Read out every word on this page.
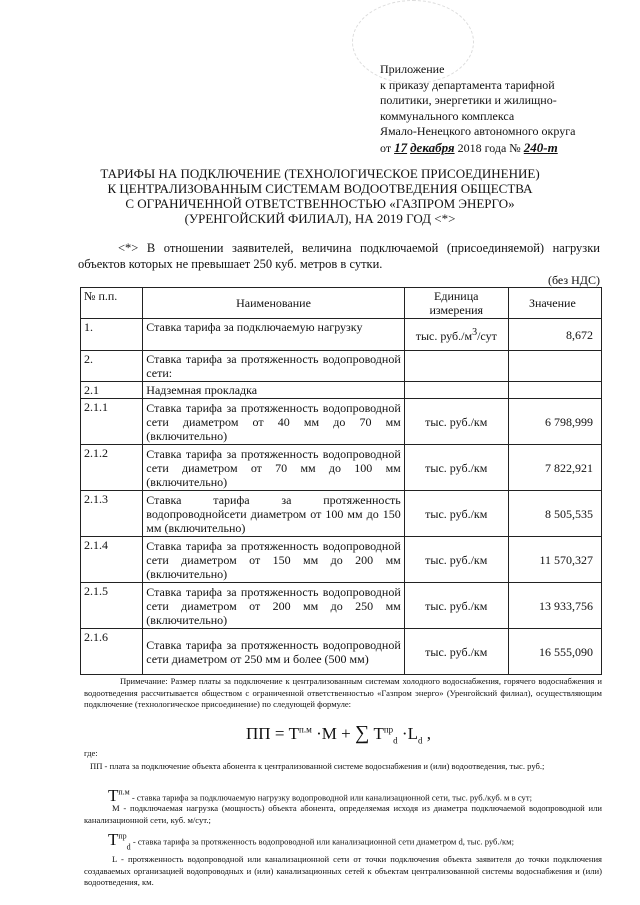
Приложение
к приказу департамента тарифной
политики, энергетики и жилищно-
коммунального комплекса
Ямало-Ненецкого автономного округа
от 17 декабря 2018 года № 240-т
ТАРИФЫ НА ПОДКЛЮЧЕНИЕ (ТЕХНОЛОГИЧЕСКОЕ ПРИСОЕДИНЕНИЕ)
К ЦЕНТРАЛИЗОВАННЫМ СИСТЕМАМ ВОДООТВЕДЕНИЯ ОБЩЕСТВА
С ОГРАНИЧЕННОЙ ОТВЕТСТВЕННОСТЬЮ «ГАЗПРОМ ЭНЕРГО»
(УРЕНГОЙСКИЙ ФИЛИАЛ), НА 2019 ГОД <*>
<*> В отношении заявителей, величина подключаемой (присоединяемой) нагрузки объектов которых не превышает 250 куб. метров в сутки.
(без НДС)
№ п.п.	Наименование	Единица измерения	Значение
1.	Ставка тарифа за подключаемую нагрузку	тыс. $руб./м^3$/сут	8,672
2.	Ставка тарифа за протяженность водопроводной сети:		
2.1	Надземная прокладка		
2.1.1	Ставка тарифа за протяженность водопроводной сети диаметром от 40 мм до 70 мм (включительно)	тыс. руб./км	6 798,999
2.1.2	Ставка тарифа за протяженность водопроводной сети диаметром от 70 мм до 100 мм (включительно)	тыс. руб./км	7 822,921
2.1.3	Ставка тарифа за протяженность водопроводнойсети диаметром от 100 мм до 150 мм (включительно)	тыс. руб./км	8 505,535
2.1.4	Ставка тарифа за протяженность водопроводной сети диаметром от 150 мм до 200 мм (включительно)	тыс. руб./км	11 570,327
2.1.5	Ставка тарифа за протяженность водопроводной сети диаметром от 200 мм до 250 мм (включительно)	тыс. руб./км	13 933,756
2.1.6	Ставка тарифа за протяженность водопроводной сети диаметром от 250 мм и более (500 мм)	тыс. руб./км	16 555,090
Примечание: Размер платы за подключение к централизованным системам холодного водоснабжения, горячего водоснабжения и водоотведения рассчитывается обществом с ограниченной ответственностью «Газпром энерго» (Уренгойский филиал), осуществляющим подключение (технологическое присоединение) по следующей формуле:
ПП = $Т^{п.м} \cdot М$ + ∑ $Т^{пр}_d \cdot L_d$ ,
где:
ПП - плата за подключение объекта абонента к централизованной системе водоснабжения и (или) водоотведения, тыс. руб.;
$Т^{п.м}$ - ставка тарифа за подключаемую нагрузку водопроводной или канализационной сети, тыс. руб./куб. м в сут;
М - подключаемая нагрузка (мощность) объекта абонента, определяемая исходя из диаметра подключаемой водопроводной или канализационной сети, куб. м/сут.;
$Т^{пр}_d$ - ставка тарифа за протяженность водопроводной или канализационной сети диаметром d, тыс. руб./км;
L - протяженность водопроводной или канализационной сети от точки подключения объекта заявителя до точки подключения создаваемых организацией водопроводных и (или) канализационных сетей к объектам централизованной системы водоснабжения и (или) водоотведения, км.
